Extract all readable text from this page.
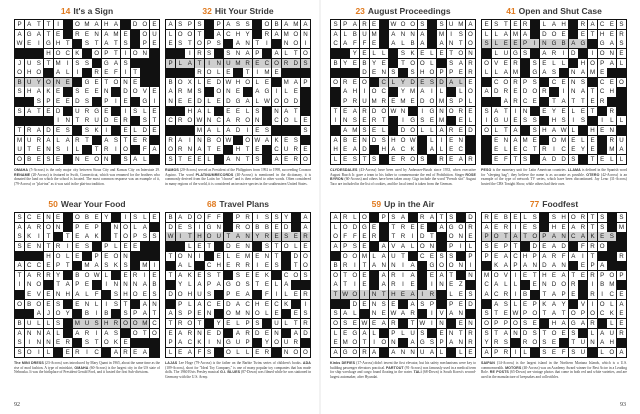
14 It's a Sign
P A T T	I	O M A H A	D O E
A G A T E	R E N A M E	O U
W E	I	G H T	S T A T S	P E
H O C K	O P T	I	O N
J U S T M I	S S	G A S
O H O	A L	I	R E F	I	T
B U Y O N E	G E T O N E
S H A K E	S E E N	D O V E
S P E E D S	P	I	E	G	I
S A T E D	U R G E	I	S L E
I	N T R U D E R	S T
T R A D E S	S K	I	E L D E
M U R A L A R T	A S T E R
U T E N S	I	L	T R	I	O	F A
O B E S E	N E O N	S A L
OMAHA (5-Across) is the only major city between Sioux City and Kansas City on Interstate 29. RENAME (20-Across) is featured in Swift, Connecticut, which was renamed for the brothers who donated the land on which the school is located. The most common response was an example of it, (79-Across) or "plat-ina" as it was said in the plat-ina tradition.
32 Hit Your Stride
A S P S	P A S S	O B A M A
L O O T	A C H Y	R A M O N
E S T O P S	A N T	I	N O	I
I	R S	S N A P	A L T O
P L A T	I	N U M R E C O R D S
R O L E	T	I M E
B O X L E D W H O L E	M A P
A R M S	O N E	A G	I	L E
N E E D L E D G A L W O O D
H A L	E E L S	N A T
C R O W N C A R O N	C O L E
M A L A D	I	E S	S
R A	I	N B O W	O W A K E S
O R N A T E	H T E	C U R E
S T E E L	A N T S	A E R O
RAMOS (20-Across) served as President of the Philippines from 1992 to 1998, succeeding Corazon Aquino. The word PLATINUMRECORDS (40-Across) is mentioned in the dictionary, it is commonly derived from the Latin for "choose" and is then related to other words. Often considered in many regions of the world, it is considered an invasive species in the southeastern United States.
23 August Proceedings
S P A R E	W O O S	S U M A
A L B U M	A N N A	M I	S O
C A F F E	A L B A	A N T O
Y E L L	S K E L E T O N
B Y E B Y E	T O O L	S A R
D E N S	S H O P P E R
O R E O	C L Y D E S D A L E
A H	I	O C	Y M A	I	L	L O
P R U M R E M E D O M S P L
T E A R D O W N	I	G N O R E
I	N S E R T	I	G S E M	E L
A M S E L	D O L L A R E D
A B E N D S H O W	L	I	E N
H E A D	H A C K	A L E C
L E S T S	E R O S	R E A R
CLYDESDALES (43-Across) have been used by Anheuser-Busch since 1933, when executive August Busch Jr. gave a team to his father to commemorate the end of Prohibition. Singer ROSE BYRON (60-Across) and others have been taken away. Gigs include the word "French slot" August Taco are included in the list of cookies, and the local trend is taken from the German.
41 Open and Shut Case
E S T E R	L A H	R A C E S
L L A M A	D O E	E T H E R
S L E E P	I	N G B A G	G A S
L U G S	A R	I	D	I	O N E
O V E R	S E L L	H O P A L
L L A M	G A S	N A M E
C O R P S	C E N S	C E O
A D R E D O R	I	N A T C H
A R C E	T A T T E R
S A T	I	N	E Y E L E T	R
I	G U E S S	H S	I	S	I	L L
O L T A	S H A W L	H E N
E N A M E	O M E L E	R U
E L E C T R	I	C E Y E	M A
E F T S	A D D S	T E L L
PESO is the monetary unit for Latin American countries. LLAMA is defined in the Spanish word for "sleeping bag"; they believe the name is as accurate as possible. OTERO (42-Across) is an example of the type of network TV series, which have been discontinued. Jay Leno (31-Across) hosted the CBS Tonight Show, while others had their own.
50 Wear Your Food
S C E N E	O B E Y	I	S L E
A A R O N	P E P	N O L A
S K	I	T	T E A K	T O P S S
S E N T R	I	E S	P L E E
H O L E	P E O N
A C C E P T	M A S K S	M I
T A R R Y	B O W L	E R	I	E
I	N O	T A P E	I	N N N A B
E V E N H A L F	S H O E S
O B O E S	E N L	I	S T	A N
A J O Y	B	I	B	S P A T
B U L L S	M U S H R O O M C
A N N A L	A R	I	A S	O T O
S	I	N N E R	S T O K E
S O	I	L	E R	I	C	A R E A
The MINI DRESS (23-Across) was introduced by Mary Quant in 1965, about the same time as the rise of mod fashion. A type of miniskirt, OMAHA (60-Across) is the largest city in the US state of Nebraska. It was the birthplace of President Gerald Ford, and it hosted the first Sub-divisions.
68 Travel Plans
B A D O F F	P R	I	S S Y	A
D E S	I	G N	R O B B E D	A
W I	T H O U T A N Y R E S E R
L E T	D E N	S T O L E
T O N	I	E L E M E N T	D O
A L	C H E R R	I	E S	T O
T A K E S T	S E E K	C O S
Y L A P A G O S T E L A
D O H U S	P E A	F	I	L E R
P L A C E D A C H E C K	I
A S P E N	O M N O L E	E S
T R O T	Y E L P S	U L T R
E A R N E D	A R D E N	A D
P A C K	I	N G U P	Y O U R
L E A F S	O L L E R	N O O
LAJAS Lee Hoge (79-Across) is the father on the Barbie Twins series of children's books. ADA (109-Across), short for "Ideal Toy Company," is one of many popular toy companies that has made dolls. The 1960 Elvis Presley musical G.I. BLUES (87-Down) was filmed while he was stationed in Germany with the U.S. Army.
59 Up in the Air
A R L O	P S A	R A T S	D
L O D G E	T R E E	A G O R
O F F E R	T R	I	D T	O N E
A P S E	A V A L O N	P	I	L
O O M L A U T	C E S S	P
B R	I	T A N N	I	A	G O O N	I
O T O E	A R	I	A	E A T	N
A T	I	E	A R	I	E	I	N E Z
T W O	I	N T H E A	I	R	L E S
D E N S E	A S P	P E D
S A L	N E W A R	I	V A N
O S E W E A R	T W I	N	E N
L E G A L	P L U S	E N T R
E M O T	I	O N	A G S P A N R
A G O R A	A N N U A L	L E
Kinks DEFIES (17-Across) didn't invent the first elevator, but his safety mechanisms were key to building passenger elevators practical. PARTOUT (91-Across) was famously used in a medical term for ship wreckage and cargo found floating in the water. TALI (68-Down) is South Korea's second-largest automaker, after Hyundai.
77 Foodfest
R E B E L S	S H O R T S	S
A E R	I	E S	H E A R T S	M
P O T A T O P A N C A K E S
S E P T	D E A D	F R O
P E A C H P A R F A	I	T	R
K A P A N D A N	E P A
M O V	I	E T H E A T E R P O P
C A L L	E N D O R	I	B M
A C R	I	B	T A P E	R	I	C E
A S L E P K A Y	V	I	O L A
S T E W P O T A T O P O C K E
O P P O S E	H A G A R	L E
S T A N D S T O E S	L A U R
Y R S	R O S E	T U N A H
A P R	I	L	S E F S U	L O A
SAIPAN (14-Across) is the largest island in the Northern Mariana Islands, which is a U.S. commonwealth. MOTORS (40-Across) was an Academy Award winner for Best Actor in a Leading Role. RE POSTS (65-Down) are vintage photos that come in both red and white varieties, and are used in the manufacture of keepsakes and collectibles.
92	93
